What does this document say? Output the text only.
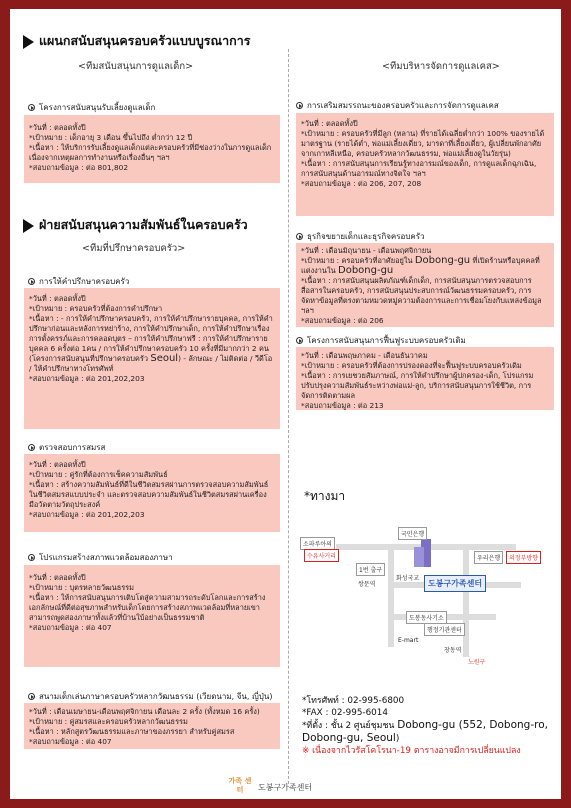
แผนกสนับสนุนครอบครัวแบบบูรณาการ
<ทีมสนับสนุนการดูแลเด็ก>
โครงการสนับสนุนรับเลี้ยงดูแลเด็ก
*วันที่ : ตลอดทั้งปี
*เป้าหมาย : เด็กอายุ 3 เดือน ขึ้นไปถึง ต่ำกว่า 12 ปี
*เนื้อหา : ให้บริการรับเลี้ยงดูแลเด็กแต่ละครอบครัวที่มีช่องว่างในการดูแลเด็กเนื่องจากเหตุผลการทำงานหรือเรื่องอื่นๆ ฯลฯ
*สอบถามข้อมูล : ต่อ 801,802
ฝ่ายสนับสนุนความสัมพันธ์ในครอบครัว
<ทีมที่ปรึกษาครอบครัว>
การให้คำปรึกษาครอบครัว
*วันที่ : ตลอดทั้งปี
*เป้าหมาย : ครอบครัวที่ต้องการคำปรึกษา
*เนื้อหา : - การให้คำปรึกษาครอบครัว, การให้คำปรึกษารายบุคคล, การให้คำปรึกษาก่อนและหลังการหย่าร้าง, การให้คำปรึกษาเด็ก, การให้คำปรึกษาเรื่องการตั้งครรภ์และการคลอดบุตร – การให้คำปรึกษาฟรี : การให้คำปรึกษารายบุคคล 6 ครั้งต่อ 1คน / การให้คำปรึกษาครอบครัว 10 ครั้งที่มีมากกว่า 2 คน (โครงการสนับสนุนที่ปรึกษาครอบครัว Seoul) - ลักษณะ / ไม่ติดต่อ / วีดีโอ / ให้คำปรึกษาทางโทรศัพท์
*สอบถามข้อมูล : ต่อ 201,202,203
ตรวจสอบการสมรส
*วันที่ : ตลอดทั้งปี
*เป้าหมาย : คู่รักที่ต้องการเช็คความสัมพันธ์
*เนื้อหา : สร้างความสัมพันธ์ที่ดีในชีวิตสมรสผ่านการตรวจสอบความสัมพันธ์ในชีวิตสมรสแบบประจำ และตรวจสอบความสัมพันธ์ในชีวิตสมรสผ่านเครื่องมือวัดตามวัตถุประสงค์
*สอบถามข้อมูล : ต่อ 201,202,203
โปรแกรมสร้างสภาพแวดล้อมสองภาษา
*วันที่ : ตลอดทั้งปี
*เป้าหมาย : บุตรหลายวัฒนธรรม
*เนื้อหา : ให้การสนับสนุนการเติบโตสู่ความสามารถระดับโลกและการสร้างเอกลักษณ์ที่ดีต่อสุขภาพสำหรับเด็กโดยการสร้างสภาพแวดล้อมที่หลายเขาสามารถพูดสองภาษาทั้งแล้วที่บ้านใบ้อย่างเป็นธรรมชาติ
*สอบถามข้อมูล : ต่อ 407
สนามเด็กเล่นภาษาครอบครัวหลากวัฒนธรรม (เวียดนาม, จีน, ญี่ปุ่น)
*วันที่ : เดือนเมษายน-เดือนพฤศจิกายน เดือนละ 2 ครั้ง (ทั้งหมด 16 ครั้ง)
*เป้าหมาย : คู่สมรสและครอบครัวหลากวัฒนธรรม
*เนื้อหา : หลักสูตรวัฒนธรรมและภาษาของภรรยา สำหรับคู่สมรส
*สอบถามข้อมูล : ต่อ 407
<ทีมบริหารจัดการดูแลเคส>
การเสริมสมรรถนะของครอบครัวและการจัดการดูแลเคส
*วันที่ : ตลอดทั้งปี
*เป้าหมาย : ครอบครัวที่มีลูก (หลาน) ที่รายได้เฉลี่ยต่ำกว่า 100% ของรายได้มาตรฐาน (รายได้ต่ำ, พ่อแม่เลี้ยงเดี่ยว, มารดาที่เลี้ยงเดี่ยว, ผู้เปลี่ยนพักอาศัยจากเกาหลีเหนือ, ครอบครัวหลากวัฒนธรรม, พ่อแม่เลี้ยงดูในวัยรุ่น)
*เนื้อหา : การสนับสนุนการเรียนรู้ทางอารมณ์ของเด็ก, การดูแลเด็กฉุกเฉิน, การสนับสนุนด้านอารมณ์ทางจิตใจ ฯลฯ
*สอบถามข้อมูล : ต่อ 206, 207, 208
ธุรกิจขยายเด็กและธุรกิจครอบครัว
*วันที่ : เดือนมิถุนายน - เดือนพฤศจิกายน
*เป้าหมาย : ครอบครัวที่อาศัยอยู่ใน Dobong-gu ที่เปิดร้านหรือบุคคลที่แต่งงานใน Dobong-gu
*เนื้อหา : การสนับสนุนผลิตภัณฑ์เด็กเด็ก, การสนับสนุนการตรวจสอบการสื่อสารในครอบครัว, การสนับสนุนประสบการณ์วัฒนธรรมครอบครัว, การจัดหาข้อมูลที่ตรงตามหมวดหมู่ความต้องการและการเชื่อมโยงกับแหล่งข้อมูล ฯลฯ
*สอบถามข้อมูล : ต่อ 206
โครงการสนับสนุนการฟื้นฟูระบบครอบครัวเดิม
*วันที่ : เดือนพฤษภาคม - เดือนธันวาคม
*เป้าหมาย : ครอบครัวที่ต้องการปรองดองที่จะฟื้นฟูระบบครอบครัวเดิม
*เนื้อหา : การเยชวยสัมภาษณ์, การให้คำปรึกษาผู้ปกครอง-เด็ก, โปรแกรมปรับปรุงความสัมพันธ์ระหว่างพ่อแม่-ลูก, บริการสนับสนุนการใช้ชีวิต, การจัดการติดตามผล
*สอบถามข้อมูล : ต่อ 213
*ทางมา
소파루아의
수유사거리
국민은행
우리은행	의정부방향
1번 출구
쌍문역
화성국교
도봉구가족센터
도봉동사기소
행정기관센터
E-mart
창동역
노원구
*โทรศัพท์ : 02-995-6800
*FAX : 02-995-6014
*ที่ตั้ง : ชั้น 2 ศูนย์ชุมชน Dobong-gu (552, Dobong-ro, Dobong-gu, Seoul)
※ เนื่องจากไวรัสโคโรนา-19 ตารางอาจมีการเปลี่ยนแปลง
가족 센터	도봉구가족센터
